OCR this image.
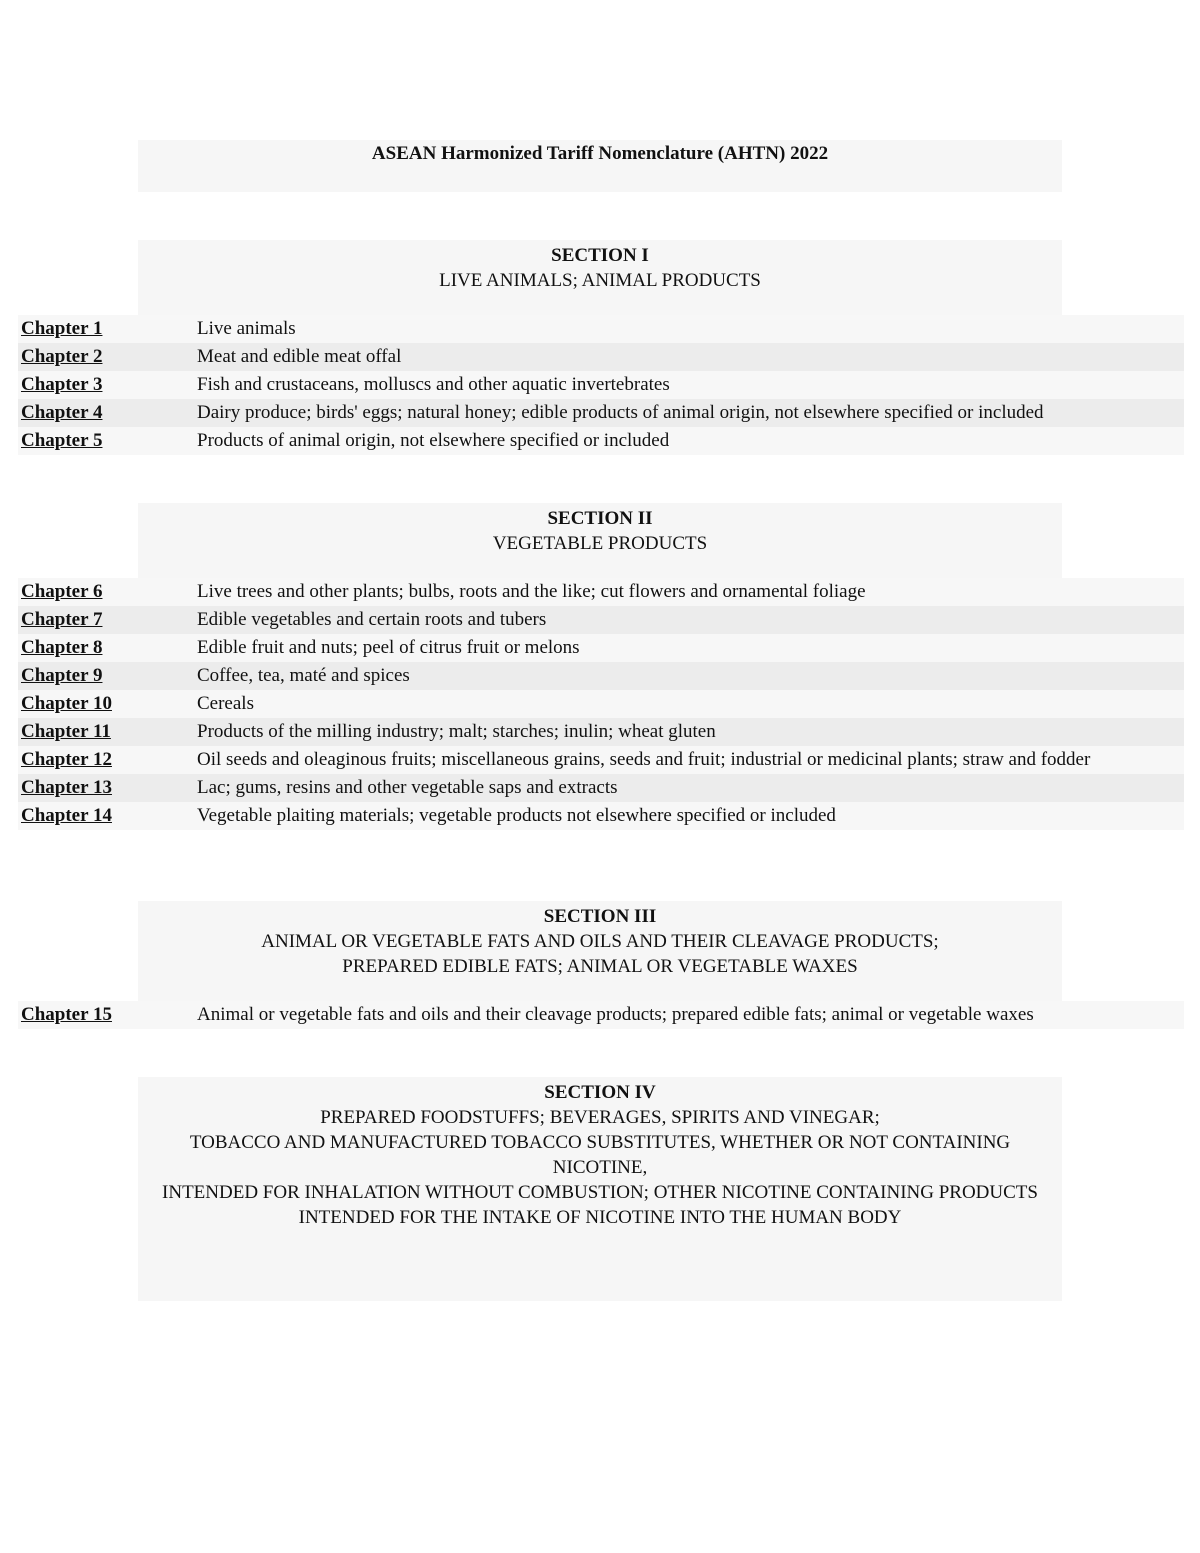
ASEAN Harmonized Tariff Nomenclature (AHTN) 2022
SECTION I
LIVE ANIMALS; ANIMAL PRODUCTS
Chapter 1	Live animals
Chapter 2	Meat and edible meat offal
Chapter 3	Fish and crustaceans, molluscs and other aquatic invertebrates
Chapter 4	Dairy produce; birds' eggs; natural honey; edible products of animal origin, not elsewhere specified or included
Chapter 5	Products of animal origin, not elsewhere specified or included
SECTION II
VEGETABLE PRODUCTS
Chapter 6	Live trees and other plants; bulbs, roots and the like; cut flowers and ornamental foliage
Chapter 7	Edible vegetables and certain roots and tubers
Chapter 8	Edible fruit and nuts; peel of citrus fruit or melons
Chapter 9	Coffee, tea, maté and spices
Chapter 10	Cereals
Chapter 11	Products of the milling industry; malt; starches; inulin; wheat gluten
Chapter 12	Oil seeds and oleaginous fruits; miscellaneous grains, seeds and fruit; industrial or medicinal plants; straw and fodder
Chapter 13	Lac; gums, resins and other vegetable saps and extracts
Chapter 14	Vegetable plaiting materials; vegetable products not elsewhere specified or included
SECTION III
ANIMAL OR VEGETABLE FATS AND OILS AND THEIR CLEAVAGE PRODUCTS;
PREPARED EDIBLE FATS; ANIMAL OR VEGETABLE WAXES
Chapter 15	Animal or vegetable fats and oils and their cleavage products; prepared edible fats; animal or vegetable waxes
SECTION IV
PREPARED FOODSTUFFS; BEVERAGES, SPIRITS AND VINEGAR;
TOBACCO AND MANUFACTURED TOBACCO SUBSTITUTES, WHETHER OR NOT CONTAINING NICOTINE,
INTENDED FOR INHALATION WITHOUT COMBUSTION; OTHER NICOTINE CONTAINING PRODUCTS
INTENDED FOR THE INTAKE OF NICOTINE INTO THE HUMAN BODY
